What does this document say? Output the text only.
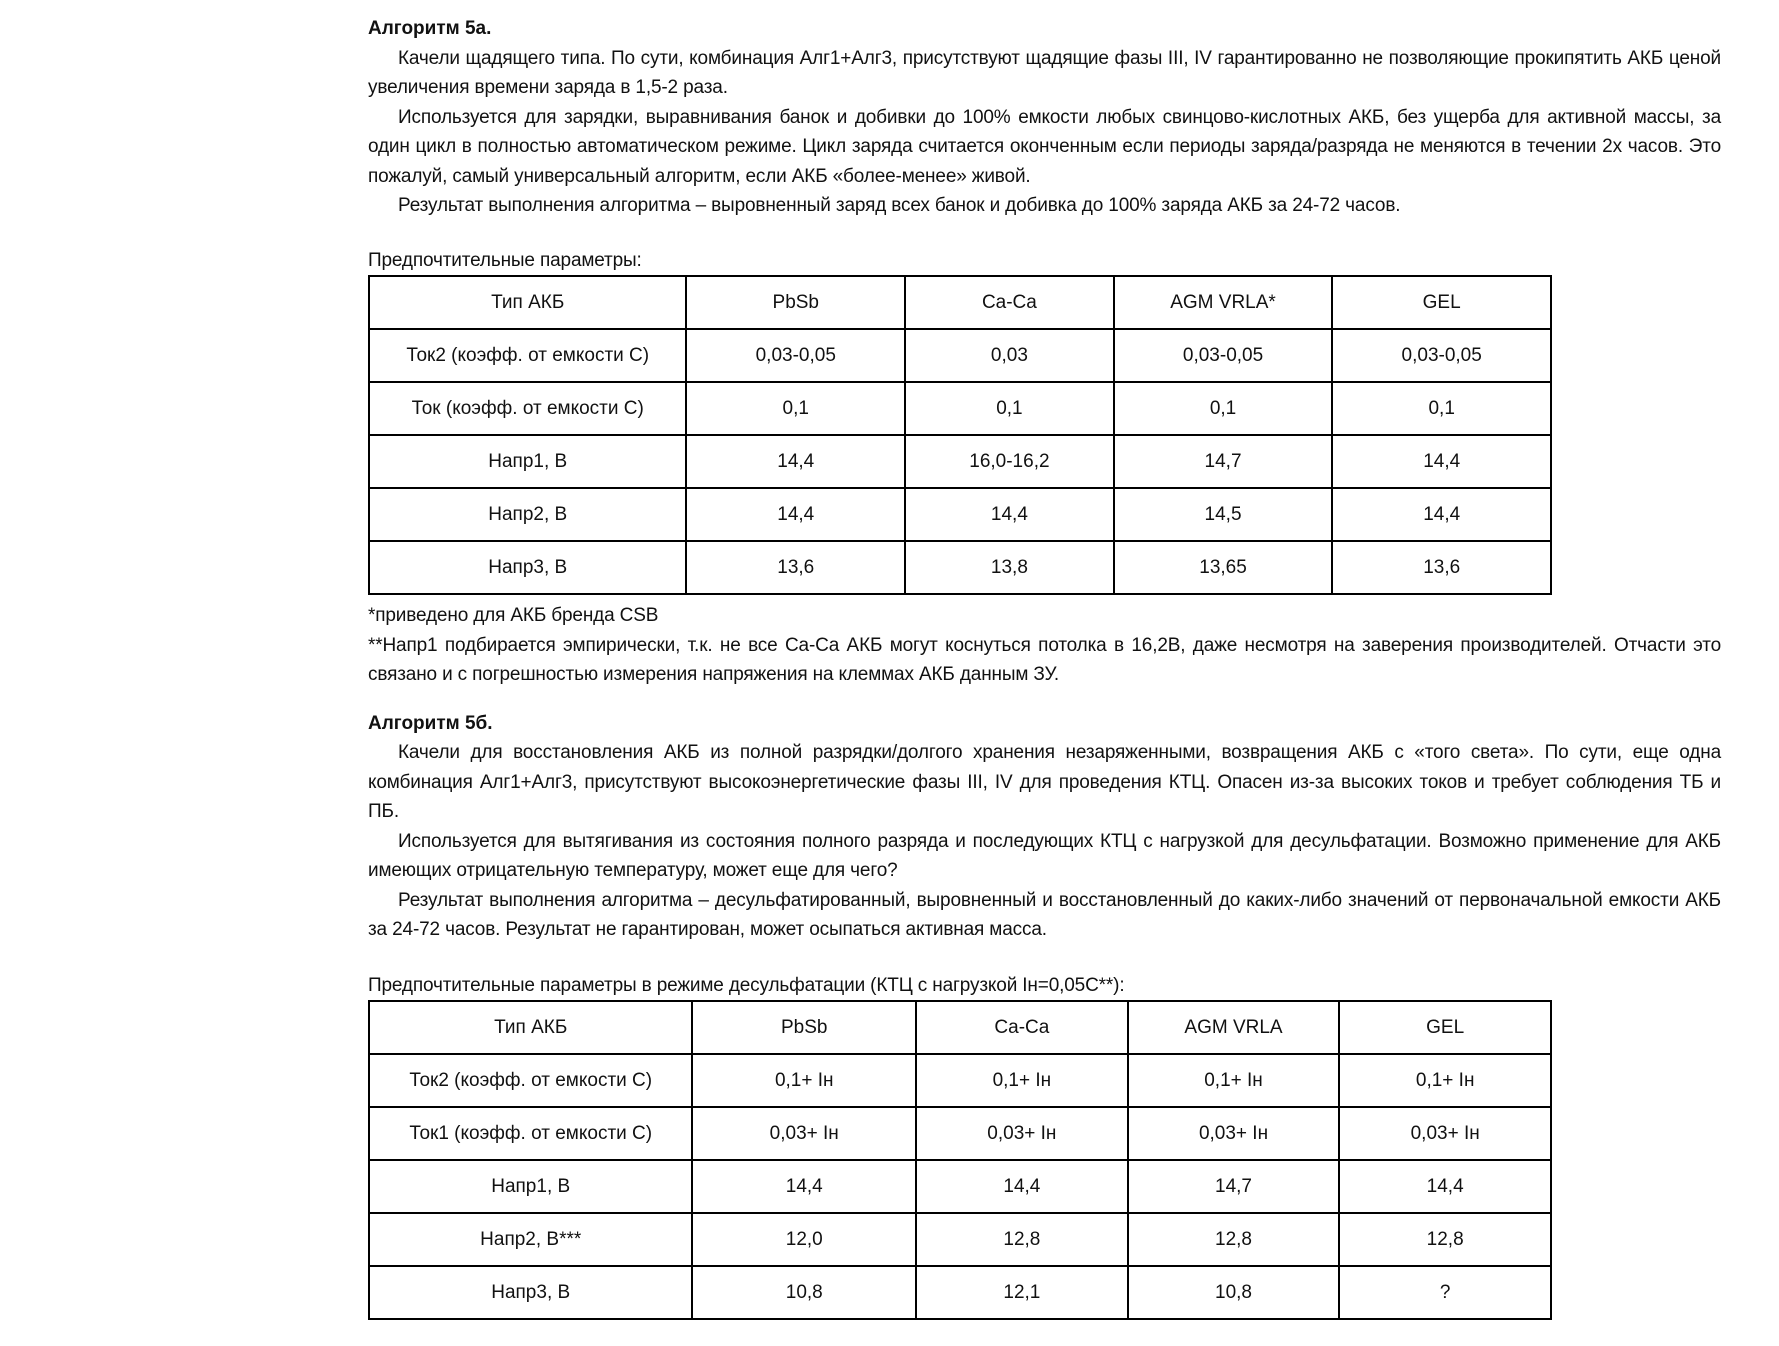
Алгоритм 5а.

Качели щадящего типа. По сути, комбинация Алг1+Алг3, присутствуют щадящие фазы III, IV гарантированно не позволяющие прокипятить АКБ ценой увеличения времени заряда в 1,5-2 раза.

Используется для зарядки, выравнивания банок и добивки до 100% емкости любых свинцово-кислотных АКБ, без ущерба для активной массы, за один цикл в полностью автоматическом режиме. Цикл заряда считается оконченным если периоды заряда/разряда не меняются в течении 2х часов. Это пожалуй, самый универсальный алгоритм, если АКБ «более-менее» живой.

Результат выполнения алгоритма – выровненный заряд всех банок и добивка до 100% заряда АКБ за 24-72 часов.

Предпочтительные параметры:
Тип АКБ	PbSb	Ca-Ca	AGM VRLA*	GEL
Ток2 (коэфф. от емкости С)	0,03-0,05	0,03	0,03-0,05	0,03-0,05
Ток (коэфф. от емкости С)	0,1	0,1	0,1	0,1
Напр1, В	14,4	16,0-16,2	14,7	14,4
Напр2, В	14,4	14,4	14,5	14,4
Напр3, В	13,6	13,8	13,65	13,6
*приведено для АКБ бренда CSB

**Напр1 подбирается эмпирически, т.к. не все Ca-Ca АКБ могут коснуться потолка в 16,2В, даже несмотря на заверения производителей. Отчасти это связано и с погрешностью измерения напряжения на клеммах АКБ данным ЗУ.

Алгоритм 5б.

Качели для восстановления АКБ из полной разрядки/долгого хранения незаряженными, возвращения АКБ с «того света». По сути, еще одна комбинация Алг1+Алг3, присутствуют высокоэнергетические фазы III, IV для проведения КТЦ. Опасен из-за высоких токов и требует соблюдения ТБ и ПБ.

Используется для вытягивания из состояния полного разряда и последующих КТЦ с нагрузкой для десульфатации. Возможно применение для АКБ имеющих отрицательную температуру, может еще для чего?

Результат выполнения алгоритма – десульфатированный, выровненный и восстановленный до каких-либо значений от первоначальной емкости АКБ за 24-72 часов. Результат не гарантирован, может осыпаться активная масса.

Предпочтительные параметры в режиме десульфатации (КТЦ с нагрузкой Iн=0,05С**):
Тип АКБ	PbSb	Ca-Ca	AGM VRLA	GEL
Ток2 (коэфф. от емкости С)	0,1+ Iн	0,1+ Iн	0,1+ Iн	0,1+ Iн
Ток1 (коэфф. от емкости С)	0,03+ Iн	0,03+ Iн	0,03+ Iн	0,03+ Iн
Напр1, В	14,4	14,4	14,7	14,4
Напр2, В***	12,0	12,8	12,8	12,8
Напр3, В	10,8	12,1	10,8	?
